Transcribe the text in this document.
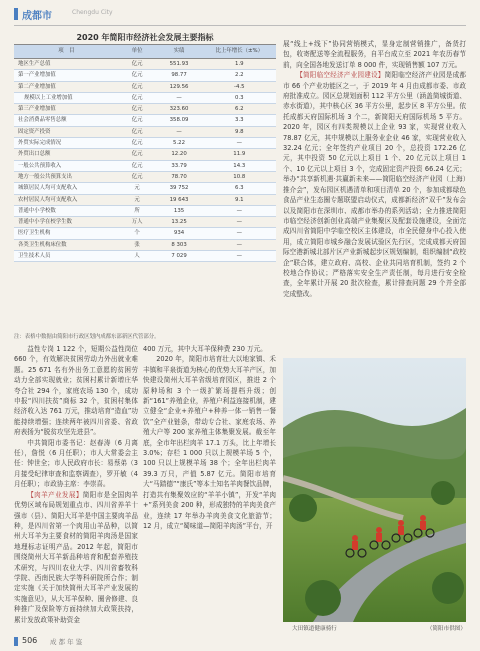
成都市	Chengdu City
2020 年简阳市经济社会发展主要指标
项　目	单位	实绩	比上年增长（±%）
地区生产总值	亿元	551.93	1.9
第一产业增加值	亿元	98.77	2.2
第二产业增加值	亿元	129.56	-4.5
规模以上工业增加值	亿元	—	0.3
第三产业增加值	亿元	323.60	6.2
社会消费品零售总额	亿元	358.09	3.3
固定资产投资	亿元	—	9.8
外贸实际完成情况	亿元	5.22	—
外贸出口总额	亿元	12.20	11.9
一般公共预算收入	亿元	33.79	14.3
地方一般公共预算支出	亿元	78.70	10.8
城镇居民人均可支配收入	元	39 752	6.3
农村居民人均可支配收入	元	19 643	9.1
普通中小学校数	所	135	—
普通中小学在校学生数	万人	13.25	—
医疗卫生机构	个	934	—
各类卫生机构床位数	张	8 303	—
卫生技术人员	人	7 029	—
注：表格中数据由简阳市行政区划内成都东部新区代管部分。

益性专岗 1 122 个，短期公益性岗位 660 个，有效解决贫困劳动力外出就业难题。25 671 名有外出务工意愿的贫困劳动力全部实现就业；贫困村累计新增庄华夸合社 294 个，家庭农场 130 个，成功申报“四川扶贫”商标 32 个，贫困村集体经济收入达 761 万元，推动培育“造血”功能持续增强；连续两年被四川省委、省政府表扬为“脱贫攻坚先进县”。

中共简阳市委书记：赵春涛（6 月离任），詹悦（6 月任职）；市人大常委会主任：钟世全；市人民政府市长：易蔡弟（3 月接受纪律审查和监察调查），罗开敏（4 月任职）；市政协主席：李崇喜。

【肉羊产业发展】简阳市是全国肉羊优势区域布局规划重点市、四川省养羊十强市（县）、简阳大耳羊是中国主要肉羊品种，是四川省第一个肉用山羊品种，以简州大耳羊为主要食材的简阳羊肉汤是国家地理标志证明产品。2012 年起，简阳市围绕简州大耳羊新品种培育和配套养殖技术研究，与四川农业大学、四川省畜牧科学院、西南民族大学等科研院所合作；制定实施《关于加快简州大耳羊产业发展的实施意见》，从大耳羊保种、圈舍修建、良种推广及保险等方面持续加大政策扶持，累计发放政策补助资金

400 万元，其中大耳羊保种费 230 万元。

2020 年，简阳市培育壮大以地家镇、禾丰镇和平泉街道为核心的优势大耳羊产区，加快建设简州大耳羊省级培育园区，推进 2 个原种场和 3 个一级扩繁场提档升级；创新“161”养殖企业，养殖户利益连接机制，建立健全“企业+养殖户+种养一体一销售一餐饮”全产业链条，带动专合社、家庭农场、养殖大户等 200 家养殖主体集聚发展。截至年底，全市年出栏肉羊 17.1 万头，比上年增长 3.0%；存栏 1 000 只以上规模羊场 5 个，100 只以上规模羊场 38 个；全年出栏肉羊 39.3 万只，产值 5.87 亿元。简阳市培育大“马踏德”“康氏”等本土知名羊肉餐饮品牌，打造共有集聚效应的“羊羊小镇”，开发“羊肉+”系列美食 200 种，形成独特的羊肉美食产业，连续 17 年举办羊肉美食文化旅游节；12 月，成立“蜀味道—简阳羊肉汤”平台，开

展“线上+线下”协同营销模式，显身定制营销推广，备货打包，收寄配送等全流程服务，自平台成立至 2021 年农历春节前，向全国各地发送订单 8 000 件，实现销售额 107 万元。

【简阳临空经济产业园建设】简阳临空经济产业园是成都市 66 个产业功能区之一，于 2019 年 4 月由成都市委、市政府批准成立。园区总规划面积 112 平方公里（涵盖简城街道、赤水街道），其中核心区 36 平方公里，起步区 8 平方公里。依托成都天府国际机场 3 个二，新简阳天府国际机场 5 平方。2020 年，园区有四类规模以上企业 93 家，实现营业收入 78.87 亿元，其中规模以上服务业企业 46 家，实现营业收入 32.24 亿元；全年签约产业项目 20 个，总投资 172.26 亿元，其中投资 50 亿元以上项目 1 个、20 亿元以上项目 1 个、10 亿元以上项目 3 个，完成固定资产投资 66.24 亿元；举办“共享新机遇·共赢新未来——简阳临空经济产业园（上海）推介会”，发布园区机遇清单和项目清单 20 个，参加成都绿色食品产业生态圈专题联盟启动仪式，成都新经济“双千”发布会以及简阳市在深圳市、成都市举办的系列活动；全力推进简阳市临空经济创新创业高端产业集聚区及配套设施建设，全面完成四川省简阳中学临空校区主体建设，市全民健身中心投入使用，成立简阳市城乡融合发展试验区先行区，完成成都天府国际空港新城北部片区产业新城起步区规划编制，组织编制“政校企”联合体，建立政府、高校、企业共同培育机制，签约 2 个校地合作协议；严格落实安全生产责任制，每月进行安全检查，全年累计开展 20 批次检查，累计排查问题 29 个并全部完成整改。

大田镇道健康骑行	（简阳市供图）
506 成 都 年 鉴
